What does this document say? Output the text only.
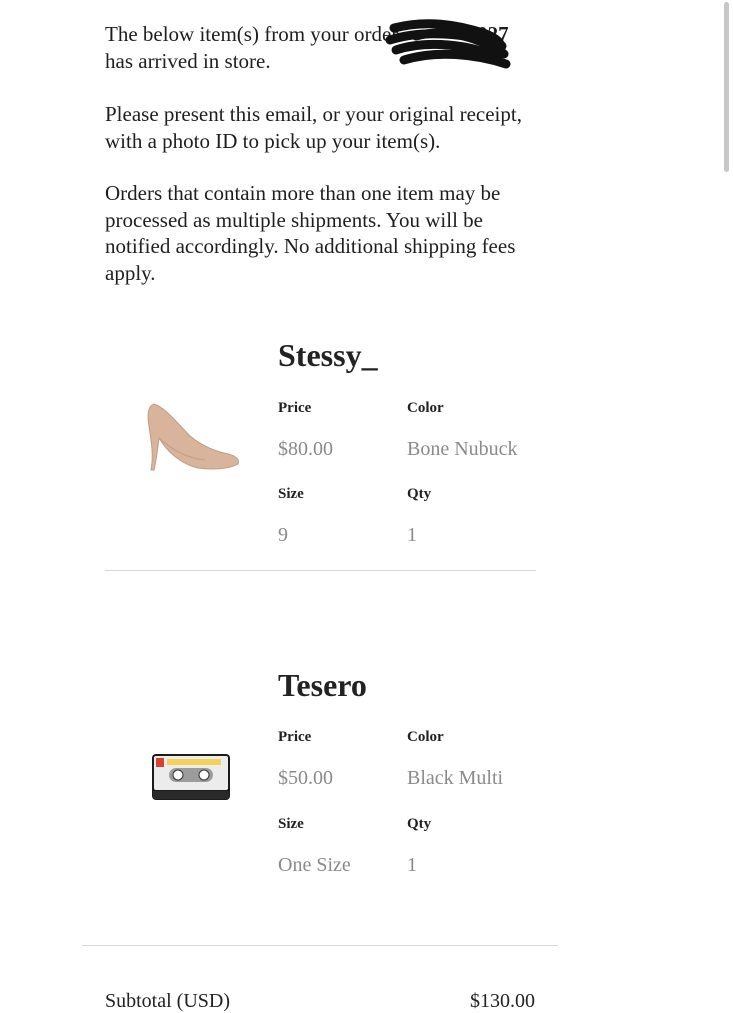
The below item(s) from your order	1027
has arrived in store.

Please present this email, or your original receipt, with a photo ID to pick up your item(s).

Orders that contain more than one item may be processed as multiple shipments. You will be notified accordingly. No additional shipping fees apply.

Stessy_
Price	Color
$80.00	Bone Nubuck
Size	Qty
9	1
Tesero
Price	Color
$50.00	Black Multi
Size	Qty
One Size	1
Subtotal (USD)	$130.00
